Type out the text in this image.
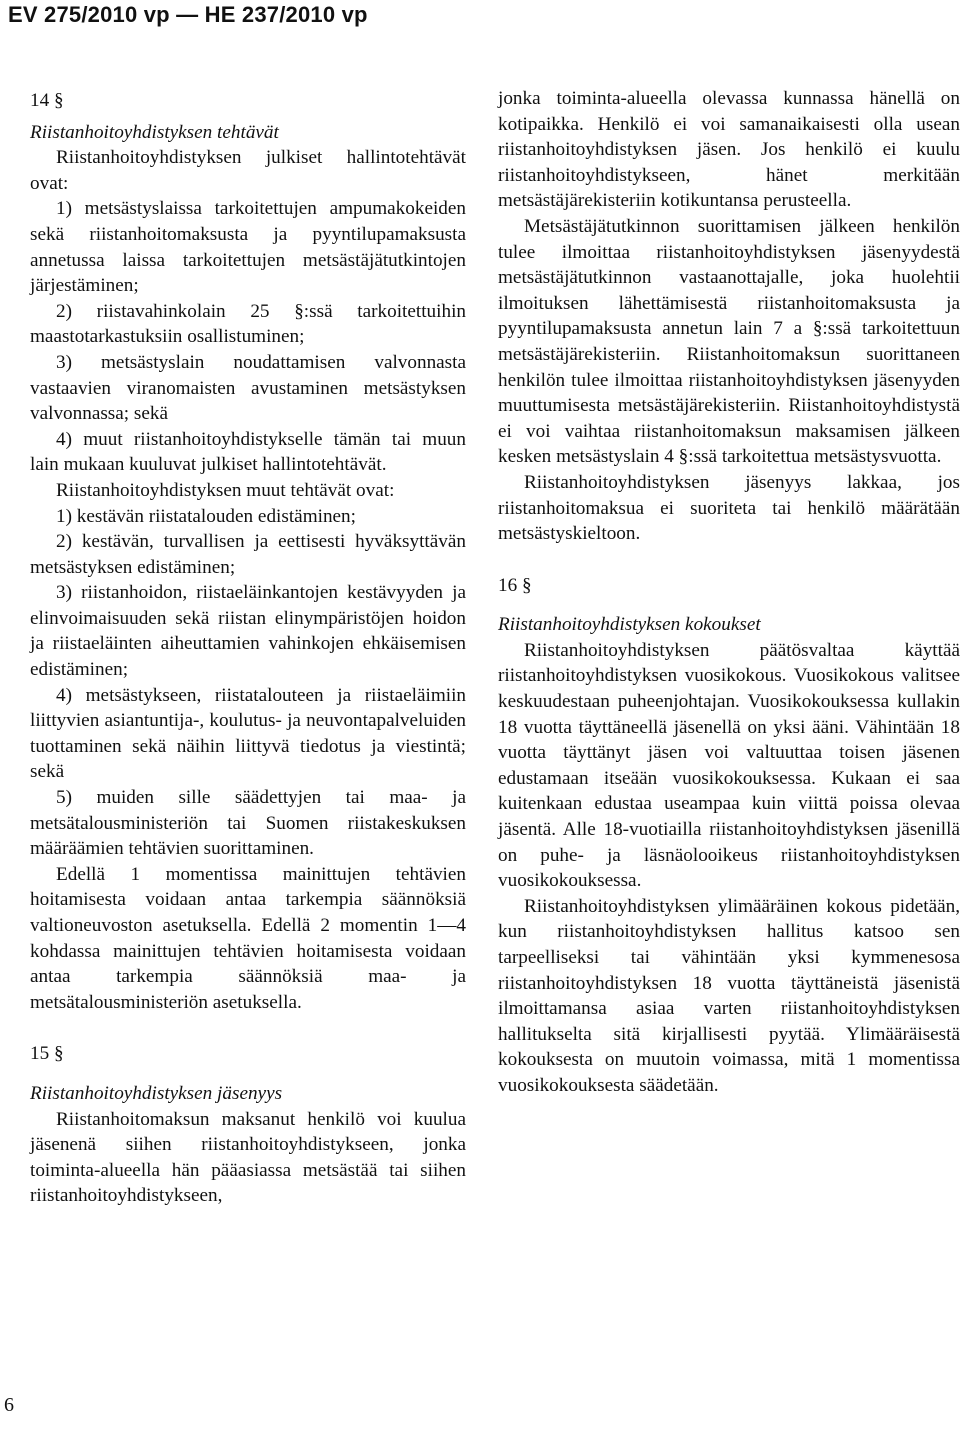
EV 275/2010 vp — HE 237/2010 vp

14 §

Riistanhoitoyhdistyksen tehtävät

Riistanhoitoyhdistyksen julkiset hallintotehtävät ovat:

1) metsästyslaissa tarkoitettujen ampumakokeiden sekä riistanhoitomaksusta ja pyyntilupamaksusta annetussa laissa tarkoitettujen metsästäjätutkintojen järjestäminen;

2) riistavahinkolain 25 §:ssä tarkoitettuihin maastotarkastuksiin osallistuminen;

3) metsästyslain noudattamisen valvonnasta vastaavien viranomaisten avustaminen metsästyksen valvonnassa; sekä

4) muut riistanhoitoyhdistykselle tämän tai muun lain mukaan kuuluvat julkiset hallintotehtävät.

Riistanhoitoyhdistyksen muut tehtävät ovat:

1) kestävän riistatalouden edistäminen;

2) kestävän, turvallisen ja eettisesti hyväksyttävän metsästyksen edistäminen;

3) riistanhoidon, riistaeläinkantojen kestävyyden ja elinvoimaisuuden sekä riistan elinympäristöjen hoidon ja riistaeläinten aiheuttamien vahinkojen ehkäisemisen edistäminen;

4) metsästykseen, riistatalouteen ja riistaeläimiin liittyvien asiantuntija-, koulutus- ja neuvontapalveluiden tuottaminen sekä näihin liittyvä tiedotus ja viestintä; sekä

5) muiden sille säädettyjen tai maa- ja metsätalousministeriön tai Suomen riistakeskuksen määräämien tehtävien suorittaminen.

Edellä 1 momentissa mainittujen tehtävien hoitamisesta voidaan antaa tarkempia säännöksiä valtioneuvoston asetuksella. Edellä 2 momentin 1—4 kohdassa mainittujen tehtävien hoitamisesta voidaan antaa tarkempia säännöksiä maa- ja metsätalousministeriön asetuksella.

15 §

Riistanhoitoyhdistyksen jäsenyys

Riistanhoitomaksun maksanut henkilö voi kuulua jäsenenä siihen riistanhoitoyhdistykseen, jonka toiminta-alueella hän pääasiassa metsästää tai siihen riistanhoitoyhdistykseen,

jonka toiminta-alueella olevassa kunnassa hänellä on kotipaikka. Henkilö ei voi samanaikaisesti olla usean riistanhoitoyhdistyksen jäsen. Jos henkilö ei kuulu riistanhoitoyhdistykseen, hänet merkitään metsästäjärekisteriin kotikuntansa perusteella.

Metsästäjätutkinnon suorittamisen jälkeen henkilön tulee ilmoittaa riistanhoitoyhdistyksen jäsenyydestä metsästäjätutkinnon vastaanottajalle, joka huolehtii ilmoituksen lähettämisestä riistanhoitomaksusta ja pyyntilupamaksusta annetun lain 7 a §:ssä tarkoitettuun metsästäjärekisteriin. Riistanhoitomaksun suorittaneen henkilön tulee ilmoittaa riistanhoitoyhdistyksen jäsenyyden muuttumisesta metsästäjärekisteriin. Riistanhoitoyhdistystä ei voi vaihtaa riistanhoitomaksun maksamisen jälkeen kesken metsästyslain 4 §:ssä tarkoitettua metsästysvuotta.

Riistanhoitoyhdistyksen jäsenyys lakkaa, jos riistanhoitomaksua ei suoriteta tai henkilö määrätään metsästyskieltoon.

16 §

Riistanhoitoyhdistyksen kokoukset

Riistanhoitoyhdistyksen päätösvaltaa käyttää riistanhoitoyhdistyksen vuosikokous. Vuosikokous valitsee keskuudestaan puheenjohtajan. Vuosikokouksessa kullakin 18 vuotta täyttäneellä jäsenellä on yksi ääni. Vähintään 18 vuotta täyttänyt jäsen voi valtuuttaa toisen jäsenen edustamaan itseään vuosikokouksessa. Kukaan ei saa kuitenkaan edustaa useampaa kuin viittä poissa olevaa jäsentä. Alle 18-vuotiailla riistanhoitoyhdistyksen jäsenillä on puhe- ja läsnäolooikeus riistanhoitoyhdistyksen vuosikokouksessa.

Riistanhoitoyhdistyksen ylimääräinen kokous pidetään, kun riistanhoitoyhdistyksen hallitus katsoo sen tarpeelliseksi tai vähintään yksi kymmenesosa riistanhoitoyhdistyksen 18 vuotta täyttäneistä jäsenistä ilmoittamansa asiaa varten riistanhoitoyhdistyksen hallitukselta sitä kirjallisesti pyytää. Ylimääräisestä kokouksesta on muutoin voimassa, mitä 1 momentissa vuosikokouksesta säädetään.

6
